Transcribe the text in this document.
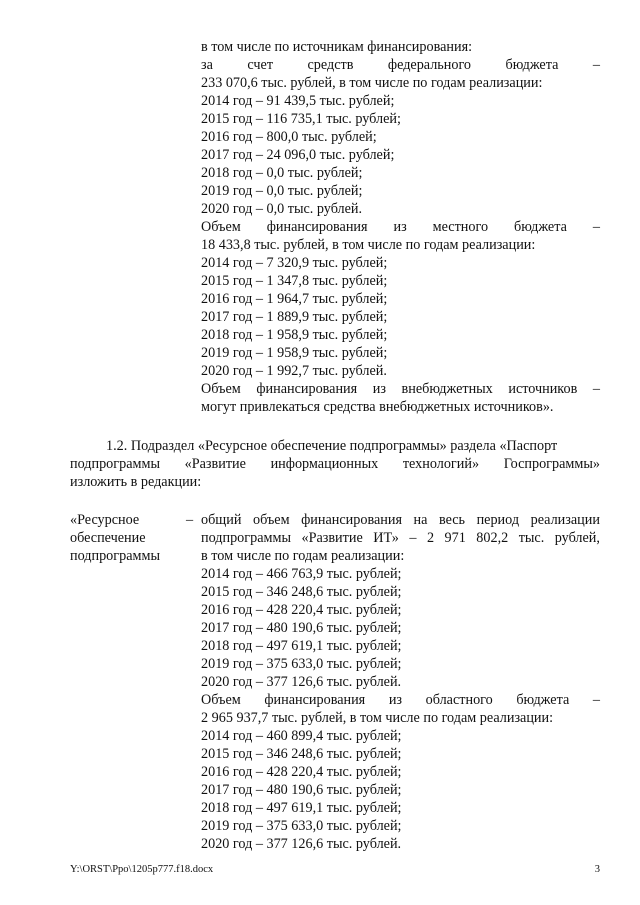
в том числе по источникам финансирования:
за счет средств федерального бюджета –
233 070,6 тыс. рублей, в том числе по годам реализации:
2014 год – 91 439,5 тыс. рублей;
2015 год – 116 735,1 тыс. рублей;
2016 год – 800,0 тыс. рублей;
2017 год – 24 096,0 тыс. рублей;
2018 год – 0,0 тыс. рублей;
2019 год – 0,0 тыс. рублей;
2020 год – 0,0 тыс. рублей.
Объем финансирования из местного бюджета –
18 433,8 тыс. рублей, в том числе по годам реализации:
2014 год – 7 320,9 тыс. рублей;
2015 год – 1 347,8 тыс. рублей;
2016 год – 1 964,7 тыс. рублей;
2017 год – 1 889,9 тыс. рублей;
2018 год – 1 958,9 тыс. рублей;
2019 год – 1 958,9 тыс. рублей;
2020 год – 1 992,7 тыс. рублей.
Объем финансирования из внебюджетных источников –
могут привлекаться средства внебюджетных источников».
1.2. Подраздел «Ресурсное обеспечение подпрограммы» раздела «Паспорт
подпрограммы «Развитие информационных технологий» Госпрограммы»
изложить в редакции:
«Ресурсное
обеспечение
подпрограммы
– общий объем финансирования на весь период реализации
подпрограммы «Развитие ИТ» – 2 971 802,2 тыс. рублей,
в том числе по годам реализации:
2014 год – 466 763,9 тыс. рублей;
2015 год – 346 248,6 тыс. рублей;
2016 год – 428 220,4 тыс. рублей;
2017 год – 480 190,6 тыс. рублей;
2018 год – 497 619,1 тыс. рублей;
2019 год – 375 633,0 тыс. рублей;
2020 год – 377 126,6 тыс. рублей.
Объем финансирования из областного бюджета –
2 965 937,7 тыс. рублей, в том числе по годам реализации:
2014 год – 460 899,4 тыс. рублей;
2015 год – 346 248,6 тыс. рублей;
2016 год – 428 220,4 тыс. рублей;
2017 год – 480 190,6 тыс. рублей;
2018 год – 497 619,1 тыс. рублей;
2019 год – 375 633,0 тыс. рублей;
2020 год – 377 126,6 тыс. рублей.
Y:\ORST\Ppo\1205p777.f18.docx	3
